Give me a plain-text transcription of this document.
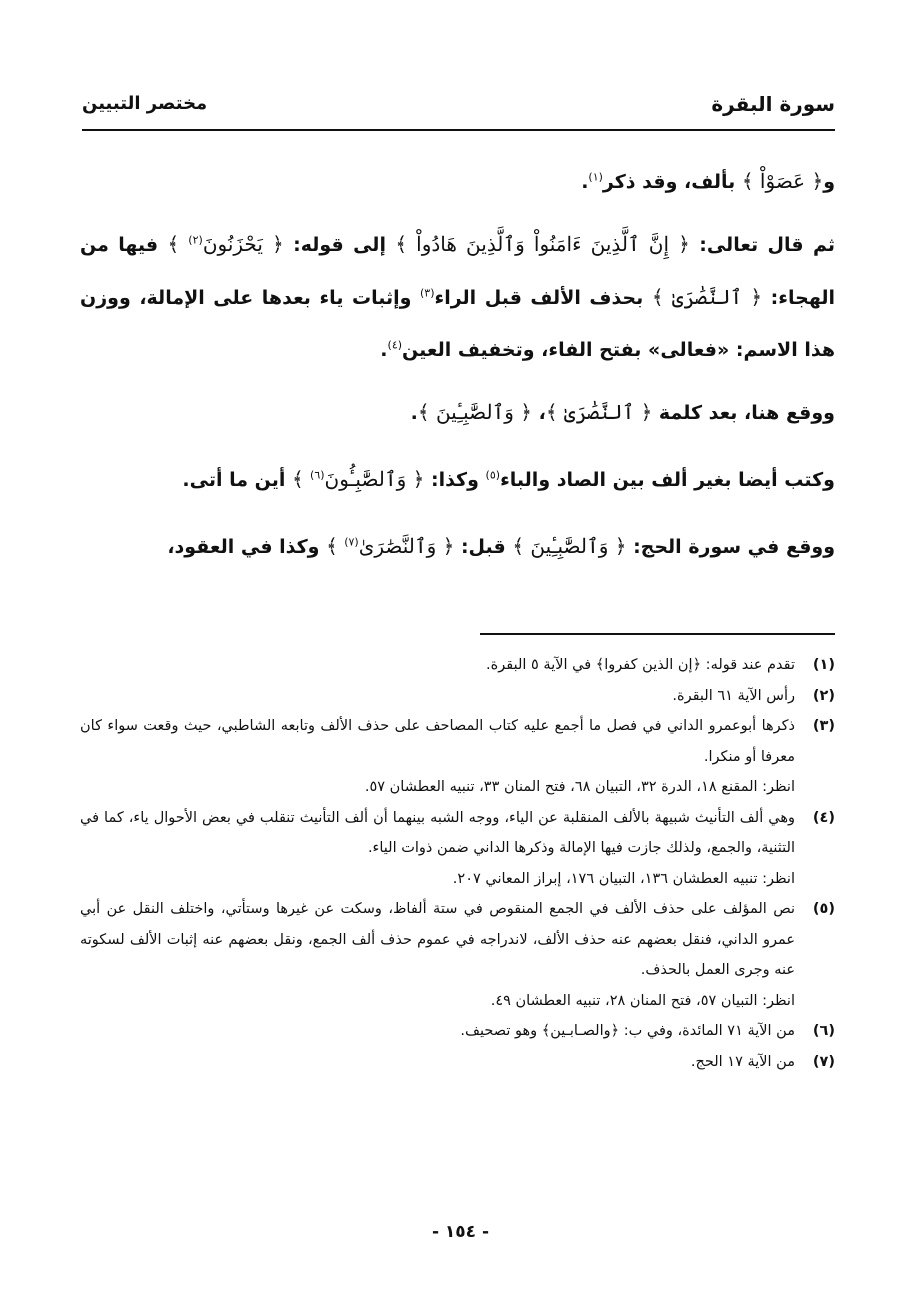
سورة البقرة
مختصر التبيين

و﴿ عَصَوْاْ ﴾ بألف، وقد ذكر$^{(١)}$.

ثم قال تعالى: ﴿ إِنَّ ٱلَّذِينَ ءَامَنُواْ وَٱلَّذِينَ هَادُواْ ﴾ إلى قوله: ﴿ يَحْزَنُونَ$^{(٢)}$ ﴾ فيها من الهجاء: ﴿ ٱلنَّصَٰرَىٰ ﴾ بحذف الألف قبل الراء$^{(٣)}$ وإثبات ياء بعدها على الإمالة، ووزن هذا الاسم: «فعالى» بفتح الفاء، وتخفيف العين$^{(٤)}$.

ووقع هنا، بعد كلمة ﴿ ٱلنَّصَٰرَىٰ ﴾، ﴿ وَٱلصَّٰبِـِٔينَ ﴾.

وكتب أيضا بغير ألف بين الصاد والباء$^{(٥)}$ وكذا: ﴿ وَٱلصَّٰبِـُٔونَ$^{(٦)}$ ﴾ أين ما أتى.

ووقع في سورة الحج: ﴿ وَٱلصَّٰبِـِٔينَ ﴾ قبل: ﴿ وَٱلنَّصَٰرَىٰ$^{(٧)}$ ﴾ وكذا في العقود،

(١)
تقدم عند قوله: ﴿إن الذين كفروا﴾ في الآية ٥ البقرة.
(٢)
رأس الآية ٦١ البقرة.
(٣)
ذكرها أبوعمرو الداني في فصل ما أجمع عليه كتاب المصاحف على حذف الألف وتابعه الشاطبي، حيث وقعت سواء كان معرفا أو منكرا.
انظر: المقنع ١٨، الدرة ٣٢، التبيان ٦٨، فتح المنان ٣٣، تنبيه العطشان ٥٧.
(٤)
وهي ألف التأنيث شبيهة بالألف المنقلبة عن الياء، ووجه الشبه بينهما أن ألف التأنيث تنقلب في بعض الأحوال ياء، كما في التثنية، والجمع، ولذلك جازت فيها الإمالة وذكرها الداني ضمن ذوات الياء.
انظر: تنبيه العطشان ١٣٦، التبيان ١٧٦، إبراز المعاني ٢٠٧.
(٥)
نص المؤلف على حذف الألف في الجمع المنقوص في ستة ألفاظ، وسكت عن غيرها وستأتي، واختلف النقل عن أبي عمرو الداني، فنقل بعضهم عنه حذف الألف، لاندراجه في عموم حذف ألف الجمع، ونقل بعضهم عنه إثبات الألف لسكوته عنه وجرى العمل بالحذف.
انظر: التبيان ٥٧، فتح المنان ٢٨، تنبيه العطشان ٤٩.
(٦)
من الآية ٧١ المائدة، وفي ب: ﴿والصـابـين﴾ وهو تصحيف.
(٧)
من الآية ١٧ الحج.
- ١٥٤ -
